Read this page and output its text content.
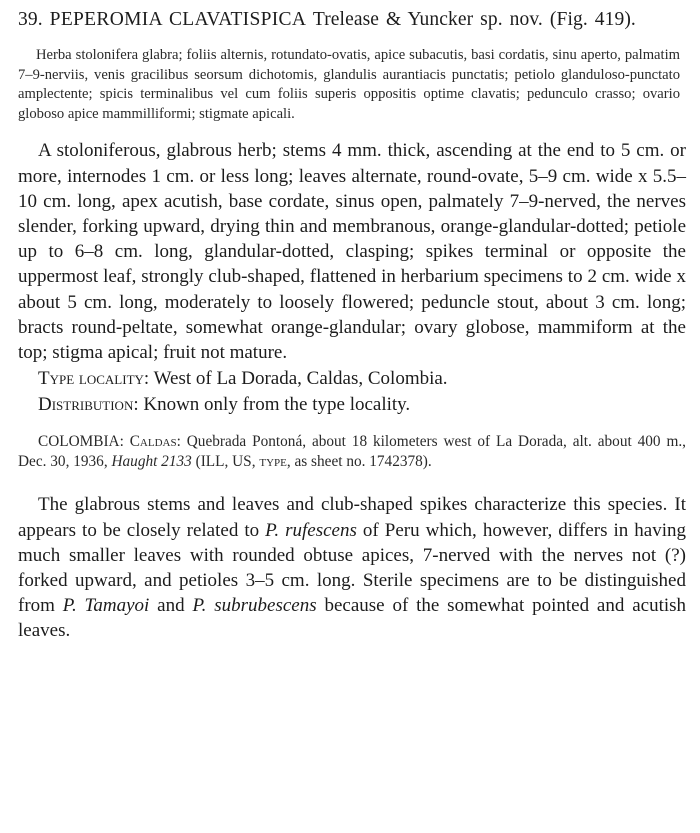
39. PEPEROMIA CLAVATISPICA Trelease & Yuncker sp. nov. (Fig. 419).

Herba stolonifera glabra; foliis alternis, rotundato-ovatis, apice subacutis, basi cordatis, sinu aperto, palmatim 7–9-nerviis, venis gracilibus seorsum dichotomis, glandulis aurantiacis punctatis; petiolo glanduloso-punctato amplectente; spicis terminalibus vel cum foliis superis oppositis optime clavatis; pedunculo crasso; ovario globoso apice mammilliformi; stigmate apicali.

A stoloniferous, glabrous herb; stems 4 mm. thick, ascending at the end to 5 cm. or more, internodes 1 cm. or less long; leaves alternate, round-ovate, 5–9 cm. wide x 5.5–10 cm. long, apex acutish, base cordate, sinus open, palmately 7–9-nerved, the nerves slender, forking upward, drying thin and membranous, orange-glandular-dotted; petiole up to 6–8 cm. long, glandular-dotted, clasping; spikes terminal or opposite the uppermost leaf, strongly club-shaped, flattened in herbarium specimens to 2 cm. wide x about 5 cm. long, moderately to loosely flowered; peduncle stout, about 3 cm. long; bracts round-peltate, somewhat orange-glandular; ovary globose, mammiform at the top; stigma apical; fruit not mature.

Type locality: West of La Dorada, Caldas, Colombia.

Distribution: Known only from the type locality.

COLOMBIA: Caldas: Quebrada Pontoná, about 18 kilometers west of La Dorada, alt. about 400 m., Dec. 30, 1936, Haught 2133 (ILL, US, type, as sheet no. 1742378).

The glabrous stems and leaves and club-shaped spikes characterize this species. It appears to be closely related to P. rufescens of Peru which, however, differs in having much smaller leaves with rounded obtuse apices, 7-nerved with the nerves not (?) forked upward, and petioles 3–5 cm. long. Sterile specimens are to be distinguished from P. Tamayoi and P. subrubescens because of the somewhat pointed and acutish leaves.
